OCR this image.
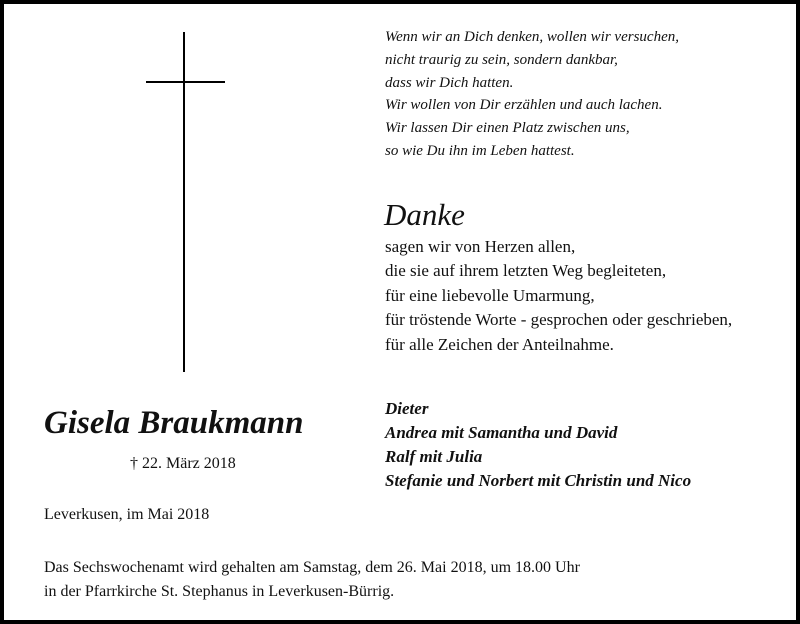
Wenn wir an Dich denken, wollen wir versuchen,
nicht traurig zu sein, sondern dankbar,
dass wir Dich hatten.
Wir wollen von Dir erzählen und auch lachen.
Wir lassen Dir einen Platz zwischen uns,
so wie Du ihn im Leben hattest.
Danke
sagen wir von Herzen allen,
die sie auf ihrem letzten Weg begleiteten,
für eine liebevolle Umarmung,
für tröstende Worte - gesprochen oder geschrieben,
für alle Zeichen der Anteilnahme.
Gisela Braukmann
† 22. März 2018
Dieter
Andrea mit Samantha und David
Ralf mit Julia
Stefanie und Norbert mit Christin und Nico
Leverkusen, im Mai 2018
Das Sechswochenamt wird gehalten am Samstag, dem 26. Mai 2018, um 18.00 Uhr
in der Pfarrkirche St. Stephanus in Leverkusen-Bürrig.
